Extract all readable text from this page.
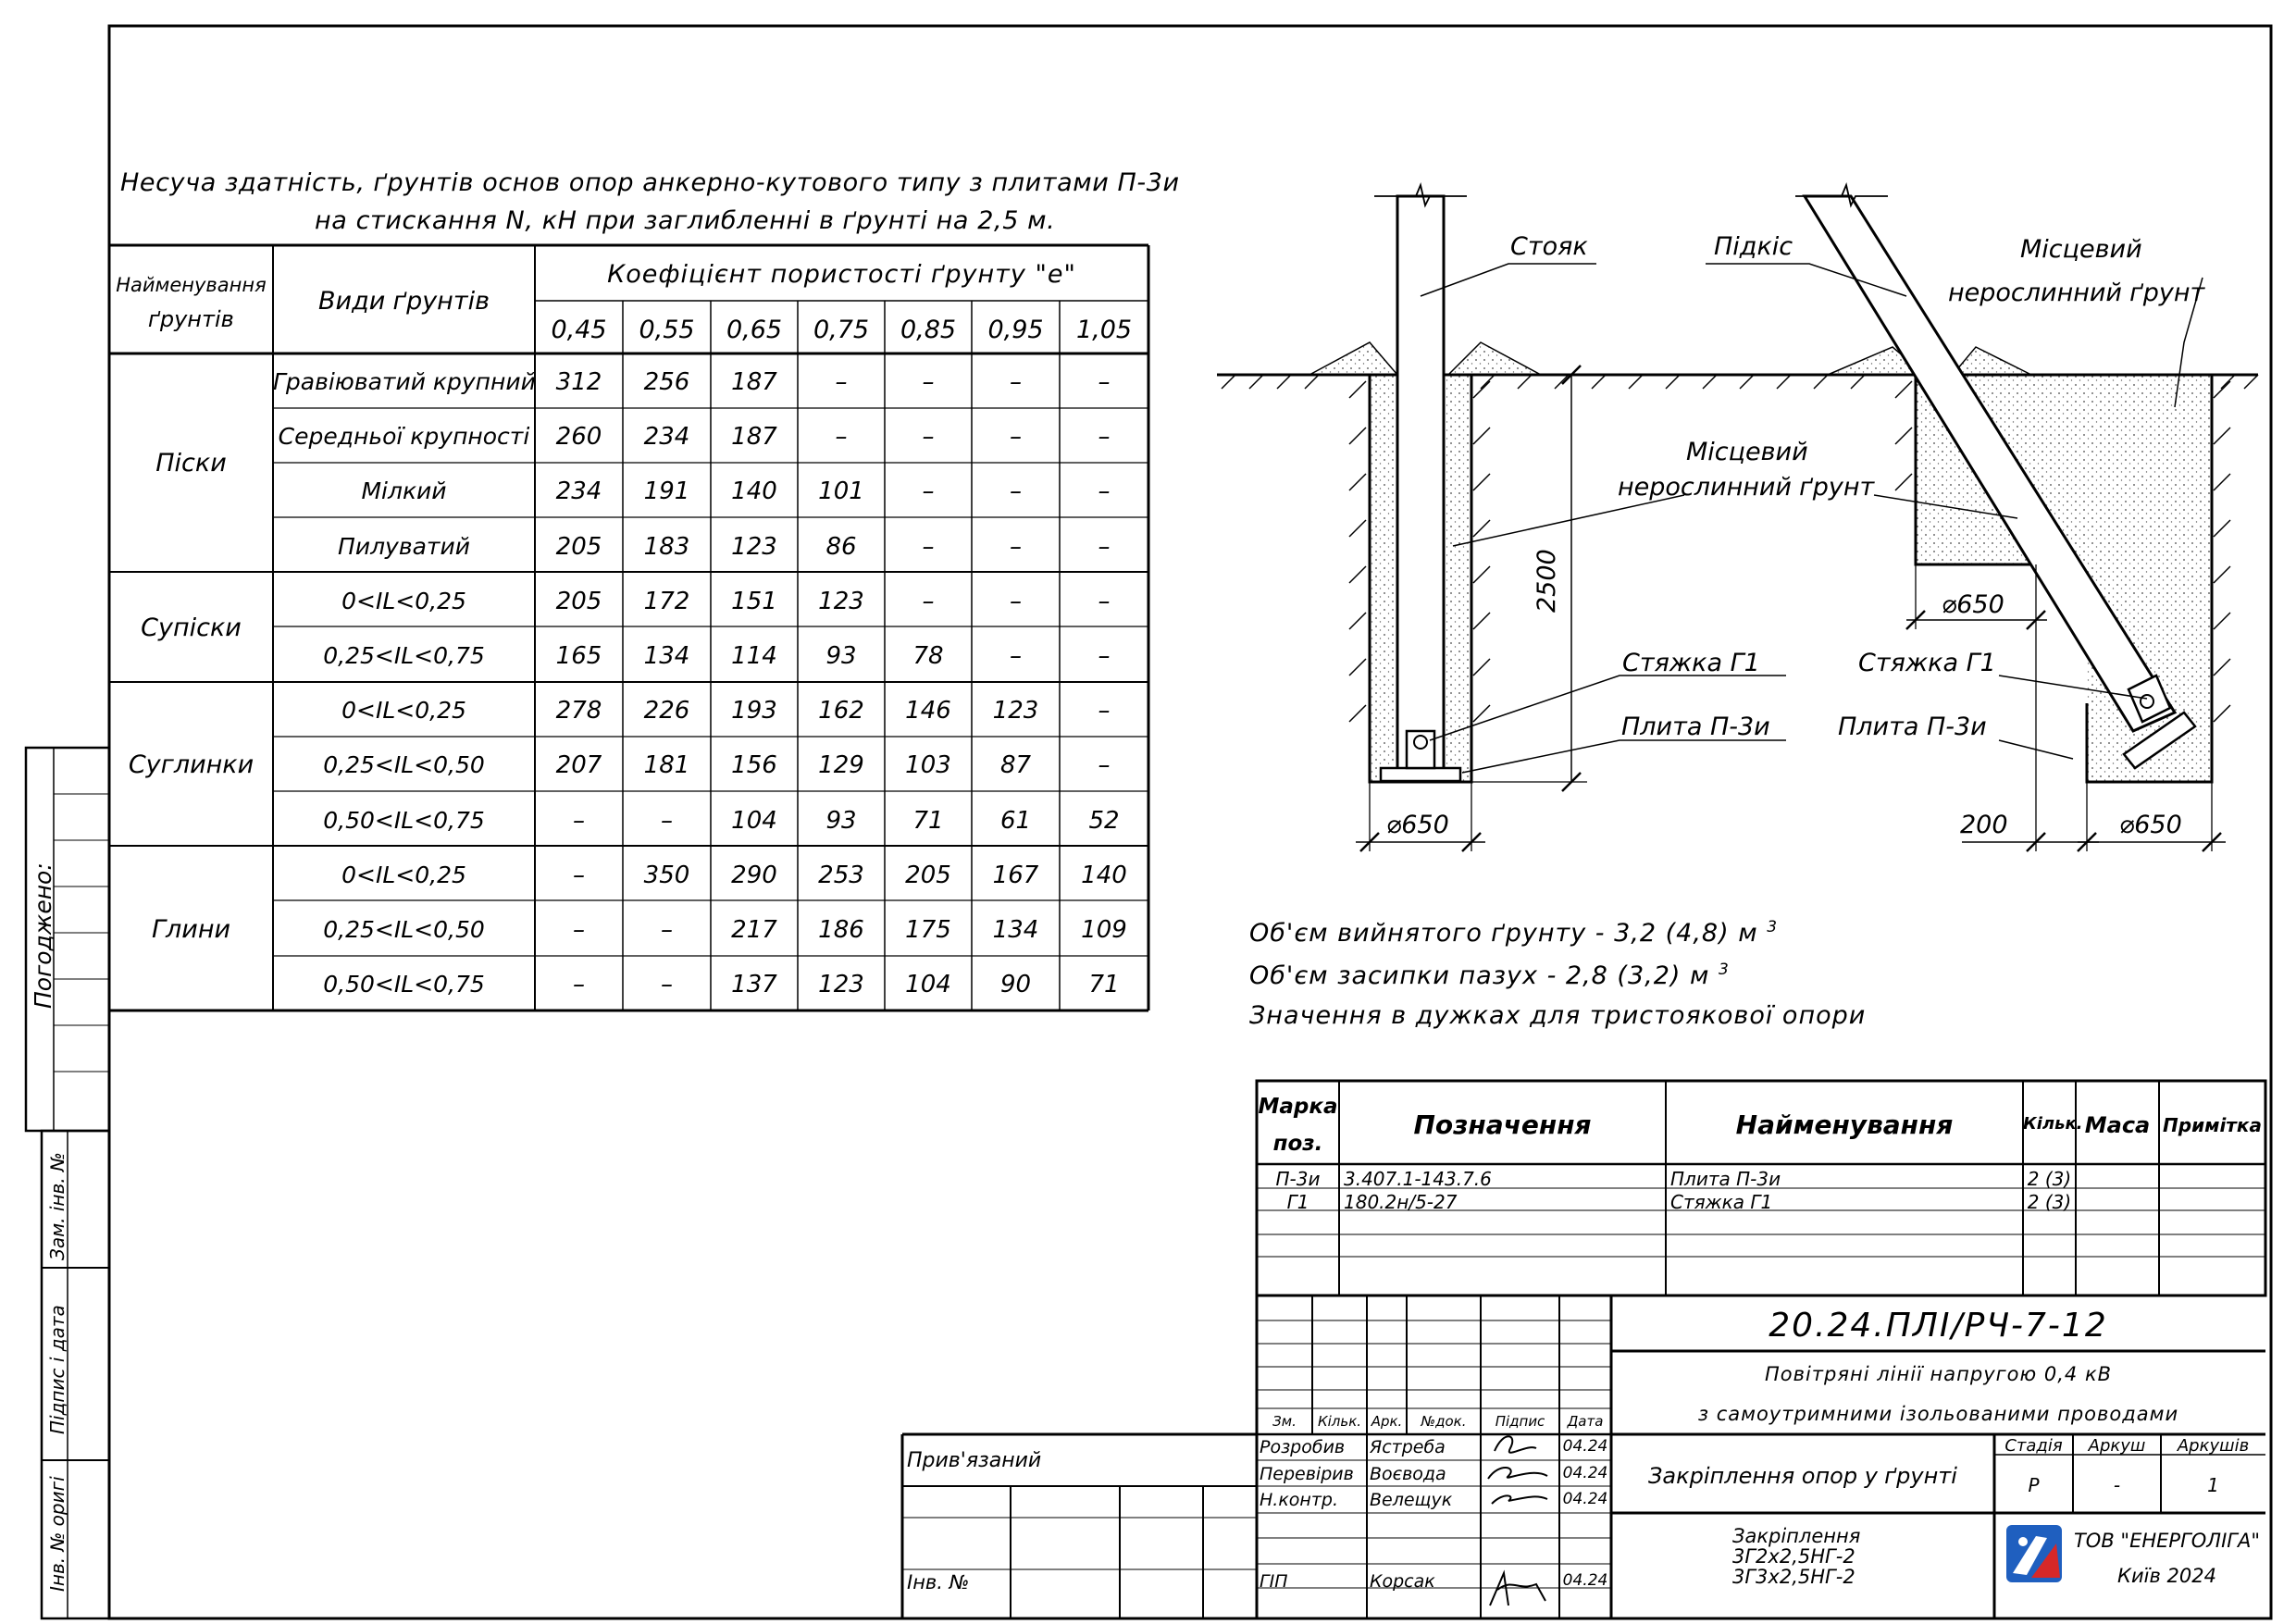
Несуча здатність, ґрунтів основ опор анкерно-кутового типу з плитами П-3и
на стискання N, кН при заглибленні в ґрунті на 2,5 м.
Найменування
ґрунтів
Види ґрунтів
Коефіцієнт пористості ґрунту "е"
0,45	0,55	0,65	0,75	0,85	0,95	1,05
Гравіюватий крупний 312	256	187	–	–	–	–
Середньої крупності	260	234	187	–	–	–	–
Мілкий	234	191	140	101	–	–	–
Пилуватий	205	183	123	86	–	–	–
Піски
0<IL<0,25	205	172	151	123	–	–	–
0,25<IL<0,75	165	134	114	93	78	–	–
Супіски
0<IL<0,25	278	226	193	162	146	123	–
0,25<IL<0,50	207	181	156	129	103	87	–
0,50<IL<0,75	–	–	104	93	71	61	52
Суглинки
0<IL<0,25	–	350	290	253	205	167	140
0,25<IL<0,50	–	–	217	186	175	134	109
0,50<IL<0,75	–	–	137	123	104	90	71
Глини
Стояк	Підкіс	Місцевий
нерослинний ґрунт
Місцевий
нерослинний ґрунт
2500	⌀650
Стяжка Г1	Стяжка Г1
Плита П-3и	Плита П-3и
⌀650	200	⌀650
Об'єм вийнятого ґрунту - 3,2 (4,8) м $^3$
Об'єм засипки пазух - 2,8 (3,2) м $^3$
Значення в дужках для тристоякової опори
Марка
поз.
Позначення	Найменування	Кільк. Маса Примітка
П-3и	3.407.1-143.7.6	Плита П-3и	2 (3)
Г1	180.2н/5-27	Стяжка Г1	2 (3)
20.24.ПЛІ/РЧ-7-12
Повітряні лінії напругою 0,4 кВ
з самоутримними ізольованими проводами
Закріплення опор у ґрунті
Закріплення
3Г2х2,5НГ-2
3Г3х2,5НГ-2
Стадія	Аркуш	Аркушів
Р	-	1
ТОВ "ЕНЕРГОЛІГА"
Київ 2024
Зм.	Кільк. Арк.	№док.	Підпис	Дата
Розробив	Ястреба	04.24
Перевірив Воєвода	04.24
Н.контр.	Велещук	04.24
ГІП	Корсак	04.24
Прив'язаний
Інв. №
Погоджено:
Зам. інв. №
Підпис і дата
Інв. № оригі
